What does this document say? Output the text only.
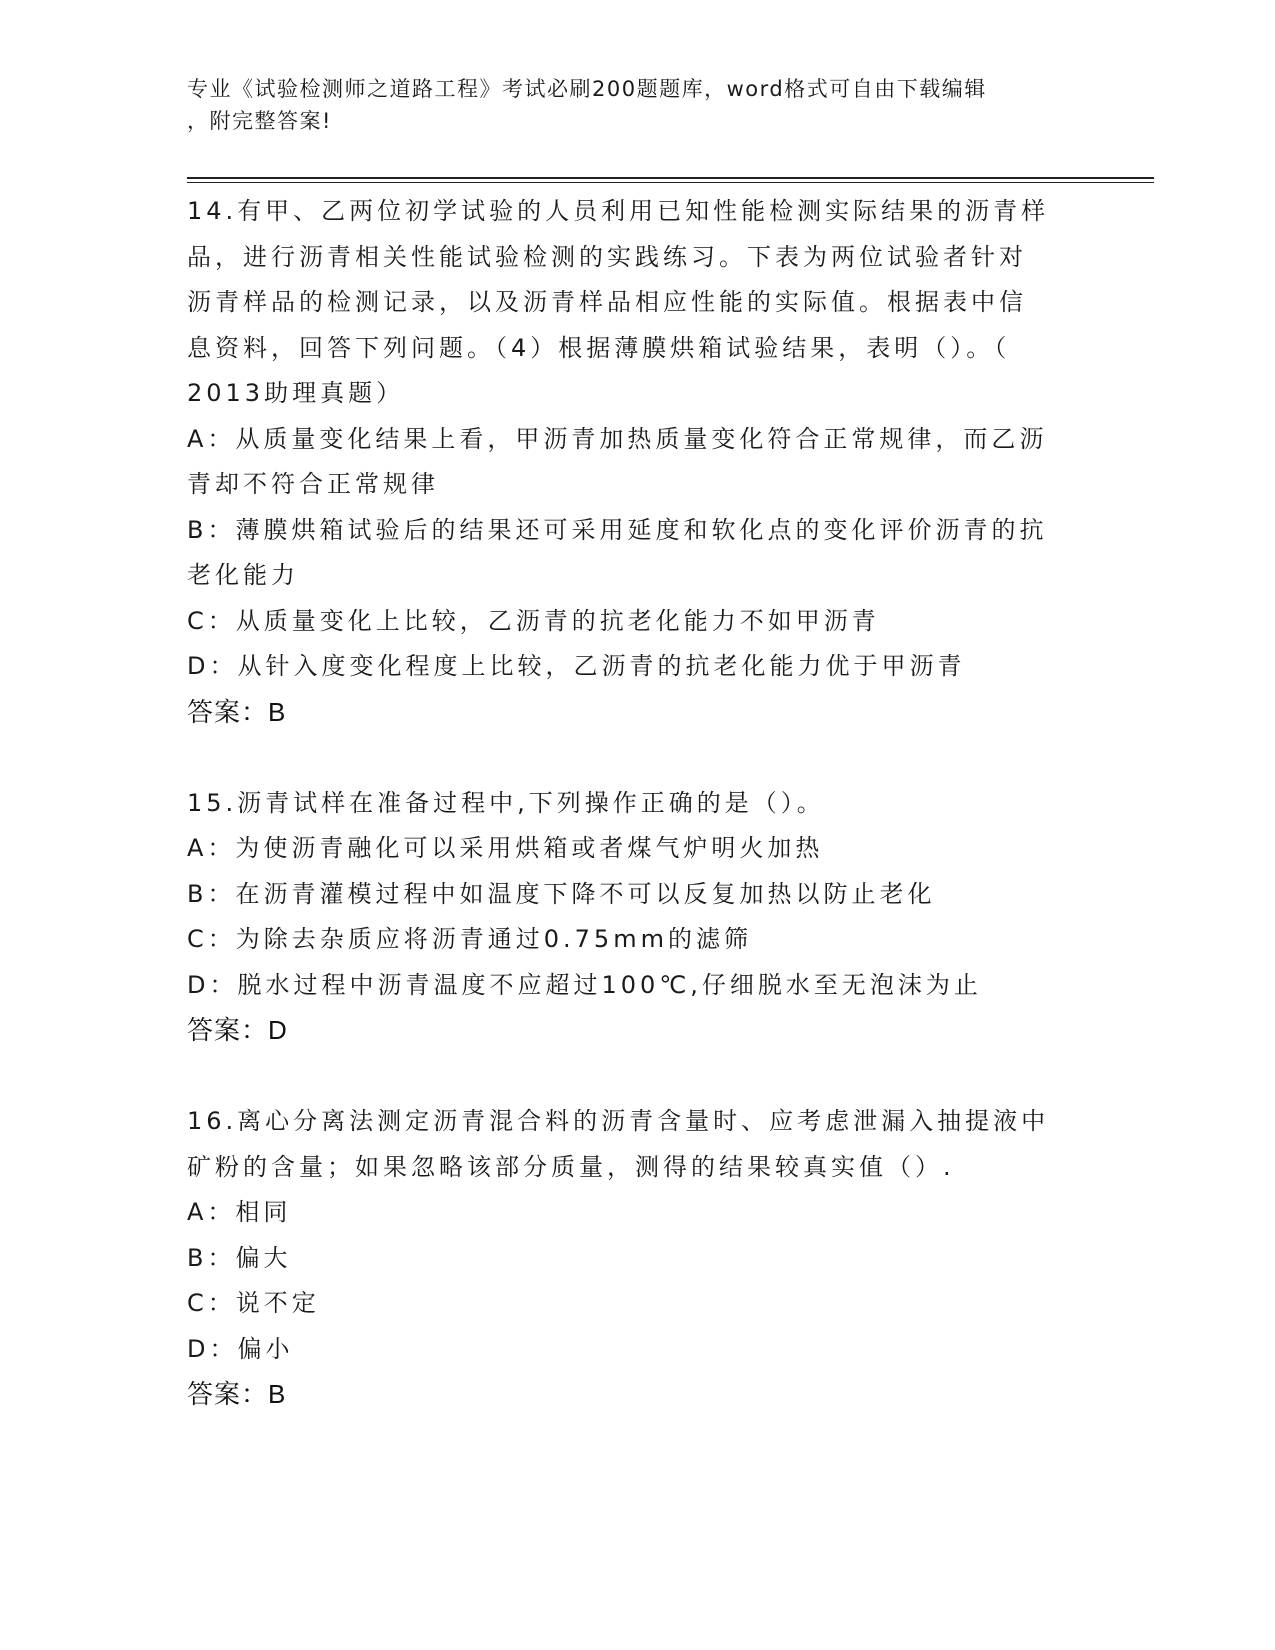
专业《试验检测师之道路工程》考试必刷200题题库，word格式可自由下载编辑

，附完整答案!

14.有甲、乙两位初学试验的人员利用已知性能检测实际结果的沥青样
品，进行沥青相关性能试验检测的实践练习。下表为两位试验者针对
沥青样品的检测记录，以及沥青样品相应性能的实际值。根据表中信
息资料，回答下列问题。（4）根据薄膜烘箱试验结果，表明（）。（
2013助理真题）
A：从质量变化结果上看，甲沥青加热质量变化符合正常规律，而乙沥
青却不符合正常规律
B：薄膜烘箱试验后的结果还可采用延度和软化点的变化评价沥青的抗
老化能力
C：从质量变化上比较，乙沥青的抗老化能力不如甲沥青
D：从针入度变化程度上比较，乙沥青的抗老化能力优于甲沥青
答案：B
15.沥青试样在准备过程中,下列操作正确的是（）。
A：为使沥青融化可以采用烘箱或者煤气炉明火加热
B：在沥青灌模过程中如温度下降不可以反复加热以防止老化
C：为除去杂质应将沥青通过0.75mm的滤筛
D：脱水过程中沥青温度不应超过100℃,仔细脱水至无泡沫为止
答案：D
16.离心分离法测定沥青混合料的沥青含量时、应考虑泄漏入抽提液中
矿粉的含量；如果忽略该部分质量，测得的结果较真实值（）.
A：相同
B：偏大
C：说不定
D：偏小
答案：B
